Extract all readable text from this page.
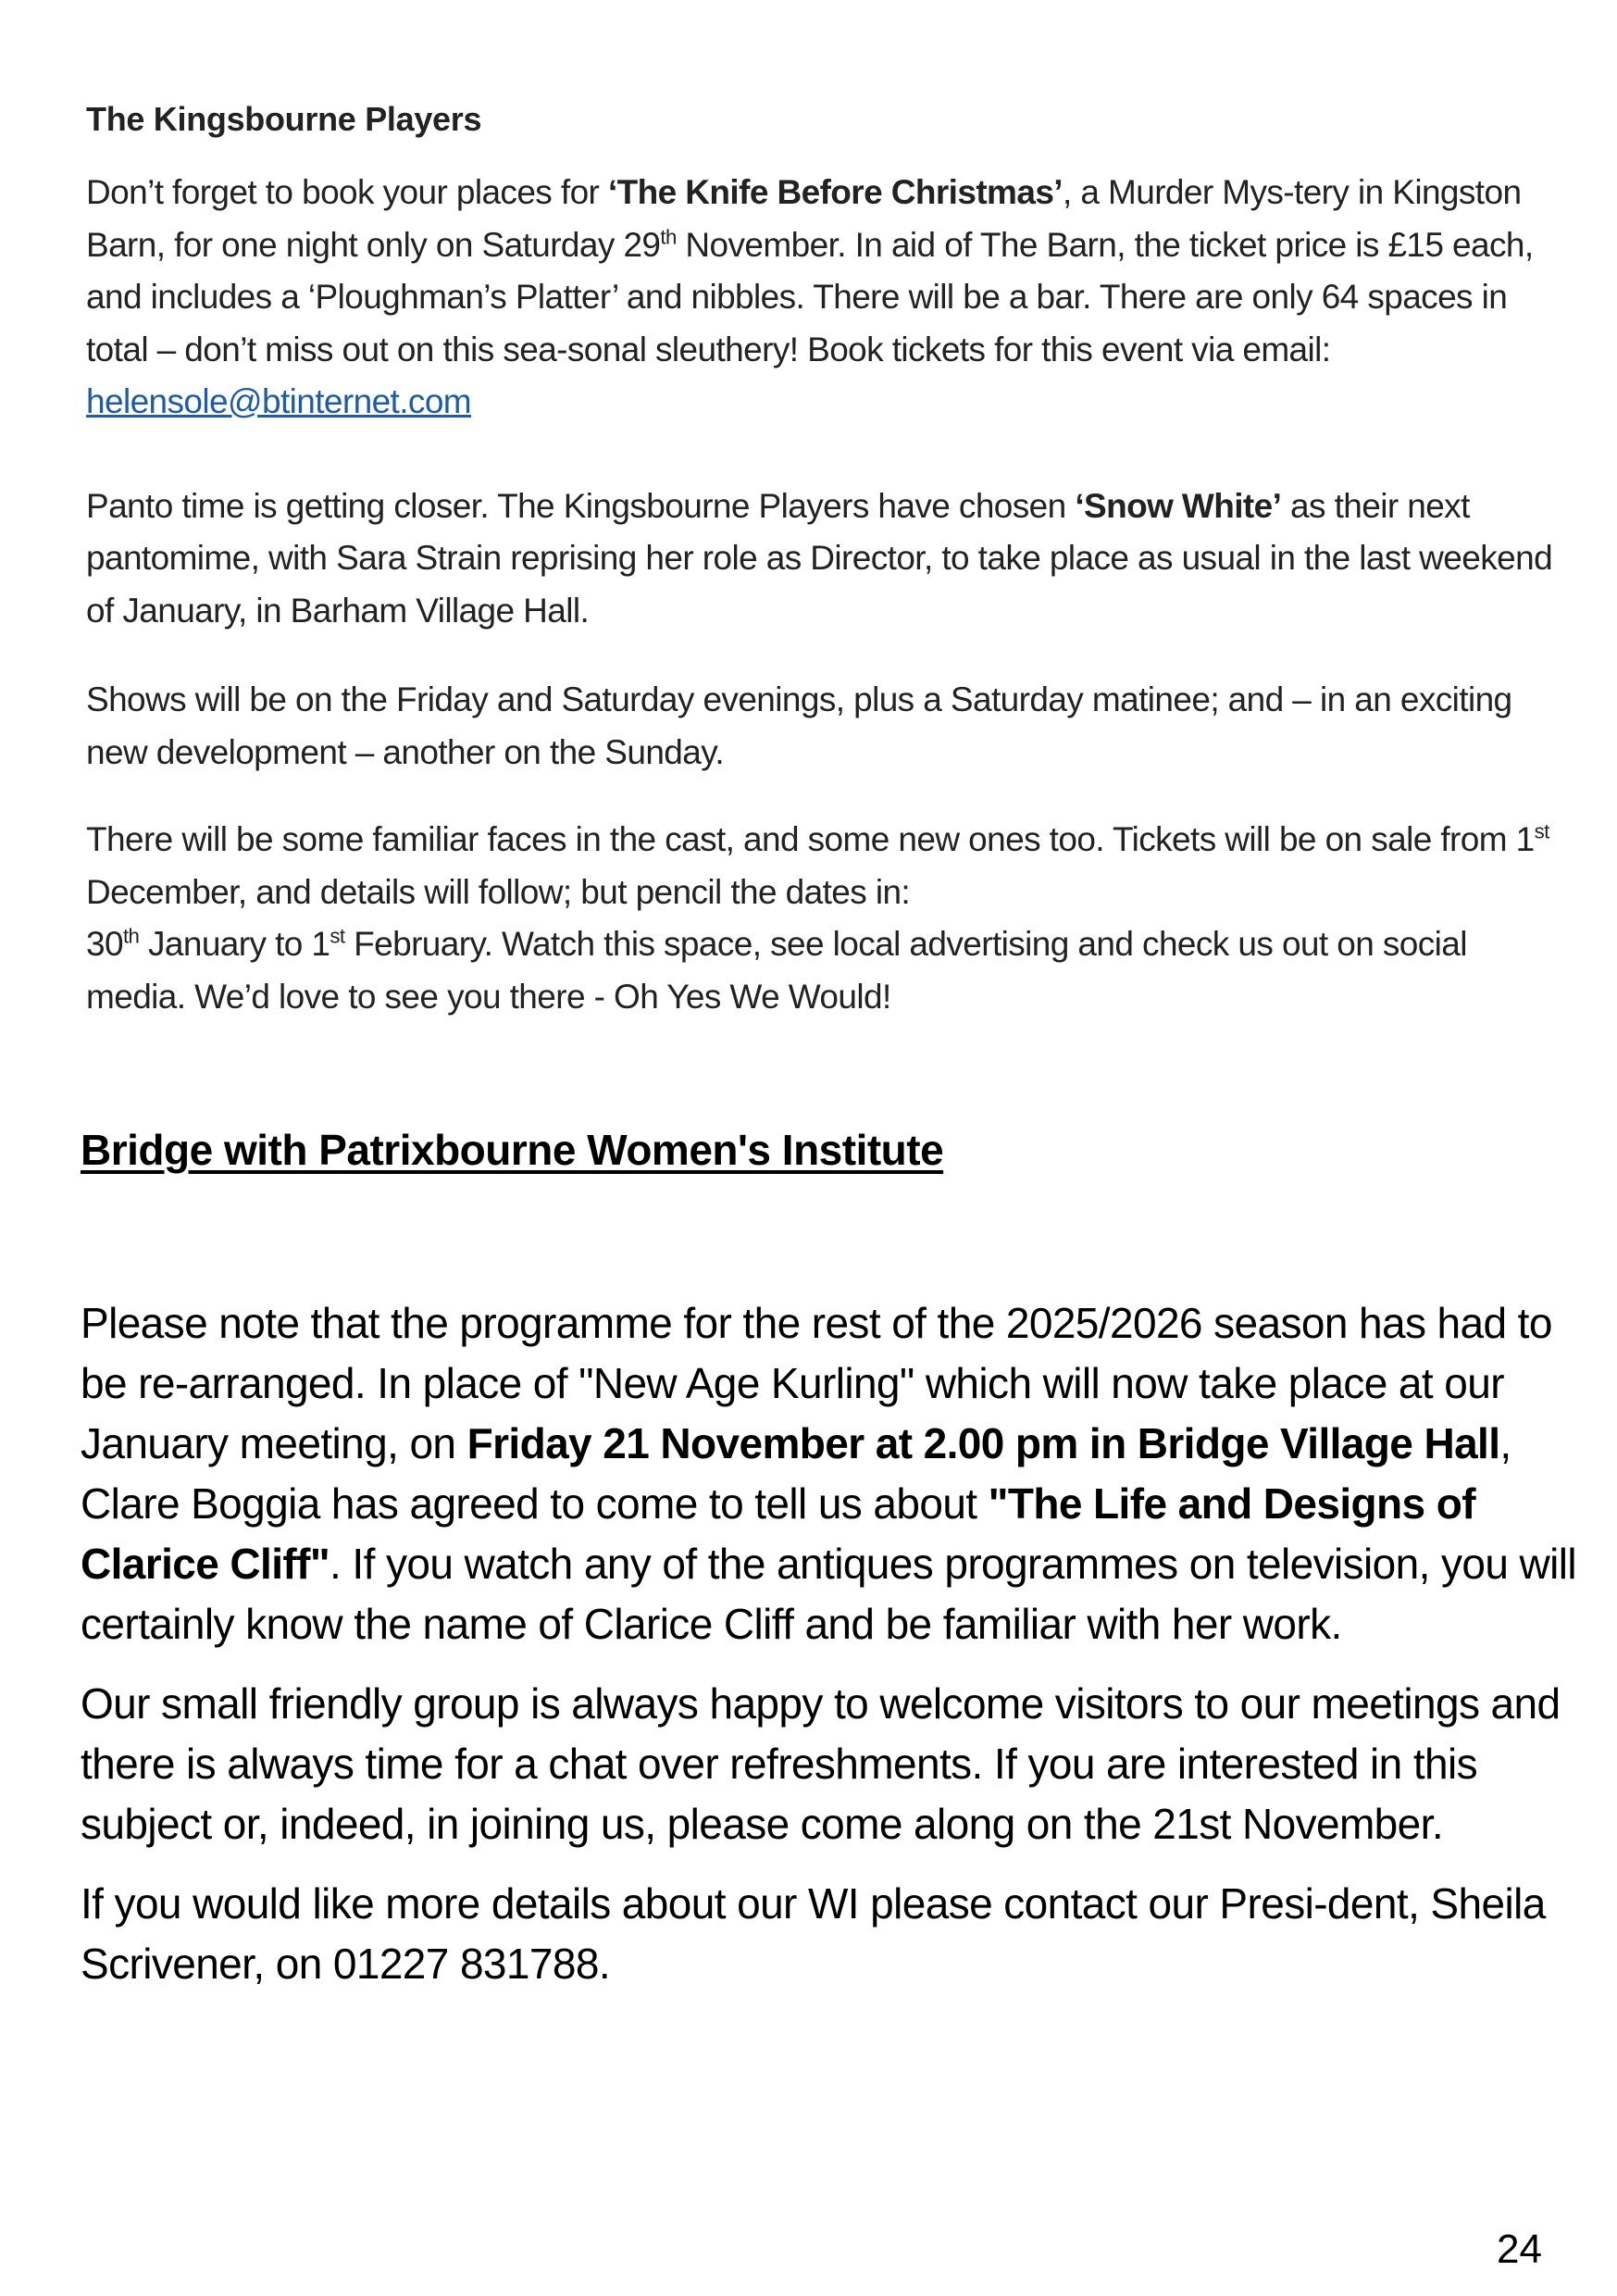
The Kingsbourne Players

Don’t forget to book your places for ‘The Knife Before Christmas’, a Murder Mys-tery in Kingston Barn, for one night only on Saturday 29th November. In aid of The Barn, the ticket price is £15 each, and includes a ‘Ploughman’s Platter’ and nibbles. There will be a bar. There are only 64 spaces in total – don’t miss out on this sea-sonal sleuthery! Book tickets for this event via email: helensole@btinternet.com

Panto time is getting closer. The Kingsbourne Players have chosen ‘Snow White’ as their next pantomime, with Sara Strain reprising her role as Director, to take place as usual in the last weekend of January, in Barham Village Hall.

Shows will be on the Friday and Saturday evenings, plus a Saturday matinee; and – in an exciting new development – another on the Sunday.

There will be some familiar faces in the cast, and some new ones too. Tickets will be on sale from 1st December, and details will follow; but pencil the dates in:
30th January to 1st February. Watch this space, see local advertising and check us out on social media. We’d love to see you there - Oh Yes We Would!

Bridge with Patrixbourne Women's Institute

Please note that the programme for the rest of the 2025/2026 season has had to be re-arranged. In place of "New Age Kurling" which will now take place at our January meeting, on Friday 21 November at 2.00 pm in Bridge Village Hall, Clare Boggia has agreed to come to tell us about "The Life and Designs of Clarice Cliff". If you watch any of the antiques programmes on television, you will certainly know the name of Clarice Cliff and be familiar with her work.

Our small friendly group is always happy to welcome visitors to our meetings and there is always time for a chat over refreshments. If you are interested in this subject or, indeed, in joining us, please come along on the 21st November.

If you would like more details about our WI please contact our Presi-dent, Sheila Scrivener, on 01227 831788.

24
